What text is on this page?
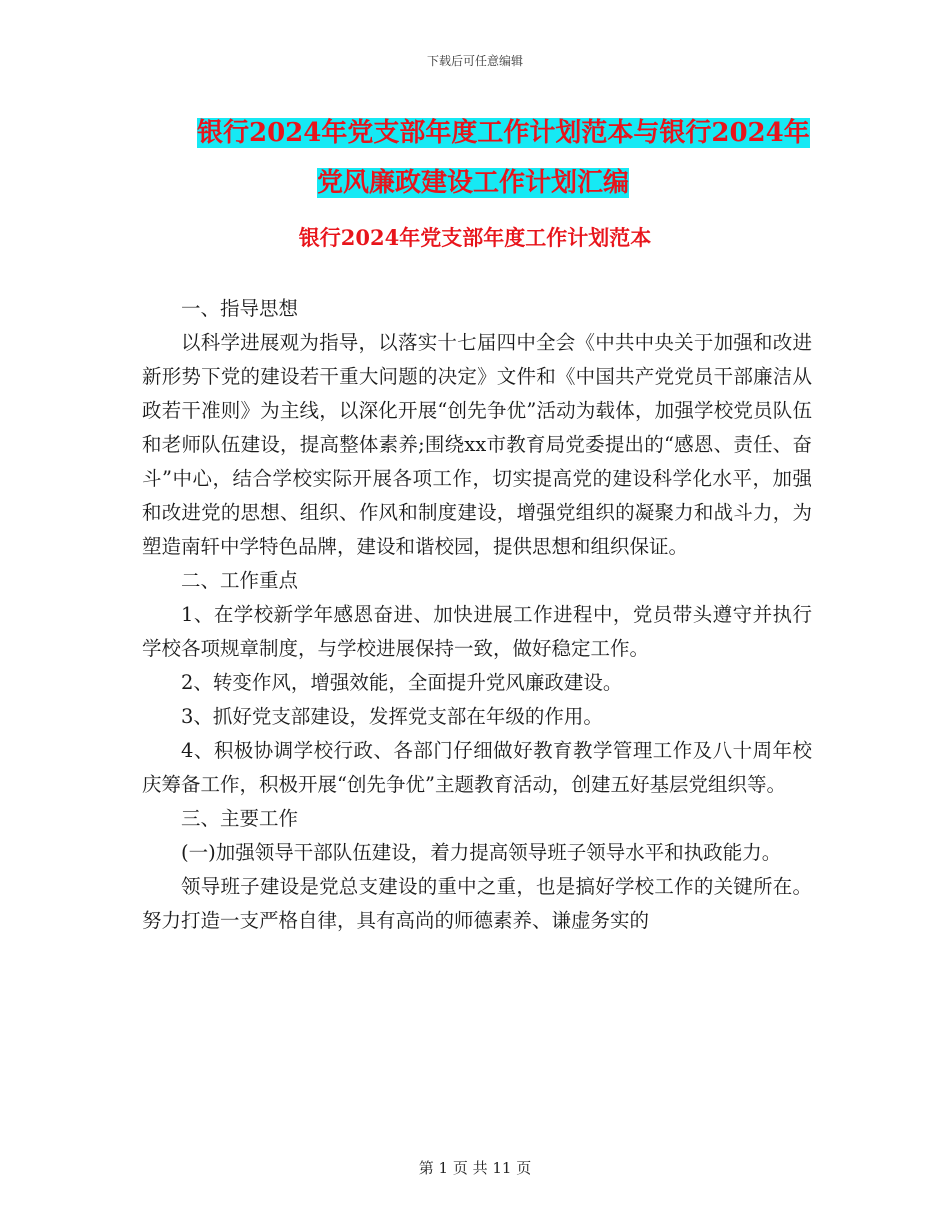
下载后可任意编辑
银行2024年党支部年度工作计划范本与银行2024年
党风廉政建设工作计划汇编
银行2024年党支部年度工作计划范本

一、指导思想

以科学进展观为指导，以落实十七届四中全会《中共中央关于加强和改进新形势下党的建设若干重大问题的决定》文件和《中国共产党党员干部廉洁从政若干准则》为主线，以深化开展“创先争优”活动为载体，加强学校党员队伍和老师队伍建设，提高整体素养;围绕xx市教育局党委提出的“感恩、责任、奋斗”中心，结合学校实际开展各项工作，切实提高党的建设科学化水平，加强和改进党的思想、组织、作风和制度建设，增强党组织的凝聚力和战斗力，为塑造南轩中学特色品牌，建设和谐校园，提供思想和组织保证。

二、工作重点

1、在学校新学年感恩奋进、加快进展工作进程中，党员带头遵守并执行学校各项规章制度，与学校进展保持一致，做好稳定工作。

2、转变作风，增强效能，全面提升党风廉政建设。

3、抓好党支部建设，发挥党支部在年级的作用。

4、积极协调学校行政、各部门仔细做好教育教学管理工作及八十周年校庆筹备工作，积极开展“创先争优”主题教育活动，创建五好基层党组织等。

三、主要工作

(一)加强领导干部队伍建设，着力提高领导班子领导水平和执政能力。

领导班子建设是党总支建设的重中之重，也是搞好学校工作的关键所在。努力打造一支严格自律，具有高尚的师德素养、谦虚务实的

第 1 页 共 11 页
